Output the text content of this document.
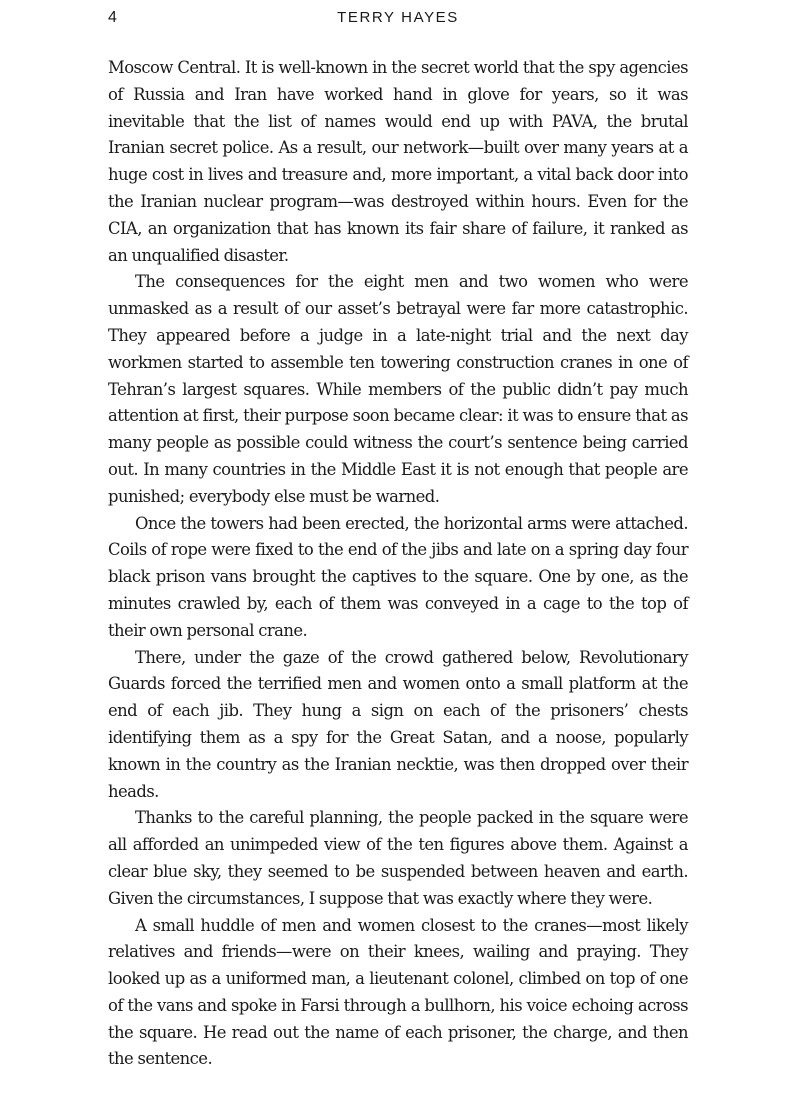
4	TERRY HAYES

Moscow Central. It is well-known in the secret world that the spy agencies of Russia and Iran have worked hand in glove for years, so it was inevitable that the list of names would end up with PAVA, the brutal Iranian secret police. As a result, our network—built over many years at a huge cost in lives and treasure and, more important, a vital back door into the Iranian nuclear program—was destroyed within hours. Even for the CIA, an organization that has known its fair share of failure, it ranked as an unqualified disaster.

The consequences for the eight men and two women who were unmasked as a result of our asset’s betrayal were far more catastrophic. They appeared before a judge in a late-night trial and the next day workmen started to assemble ten towering construction cranes in one of Tehran’s largest squares. While members of the public didn’t pay much attention at first, their purpose soon became clear: it was to ensure that as many people as possible could witness the court’s sentence being carried out. In many countries in the Middle East it is not enough that people are punished; everybody else must be warned.

Once the towers had been erected, the horizontal arms were attached. Coils of rope were fixed to the end of the jibs and late on a spring day four black prison vans brought the captives to the square. One by one, as the minutes crawled by, each of them was conveyed in a cage to the top of their own personal crane.

There, under the gaze of the crowd gathered below, Revolutionary Guards forced the terrified men and women onto a small platform at the end of each jib. They hung a sign on each of the prisoners’ chests identifying them as a spy for the Great Satan, and a noose, popularly known in the country as the Iranian necktie, was then dropped over their heads.

Thanks to the careful planning, the people packed in the square were all afforded an unimpeded view of the ten figures above them. Against a clear blue sky, they seemed to be suspended between heaven and earth. Given the circumstances, I suppose that was exactly where they were.

A small huddle of men and women closest to the cranes—most likely relatives and friends—were on their knees, wailing and praying. They looked up as a uniformed man, a lieutenant colonel, climbed on top of one of the vans and spoke in Farsi through a bullhorn, his voice echoing across the square. He read out the name of each prisoner, the charge, and then the sentence.
